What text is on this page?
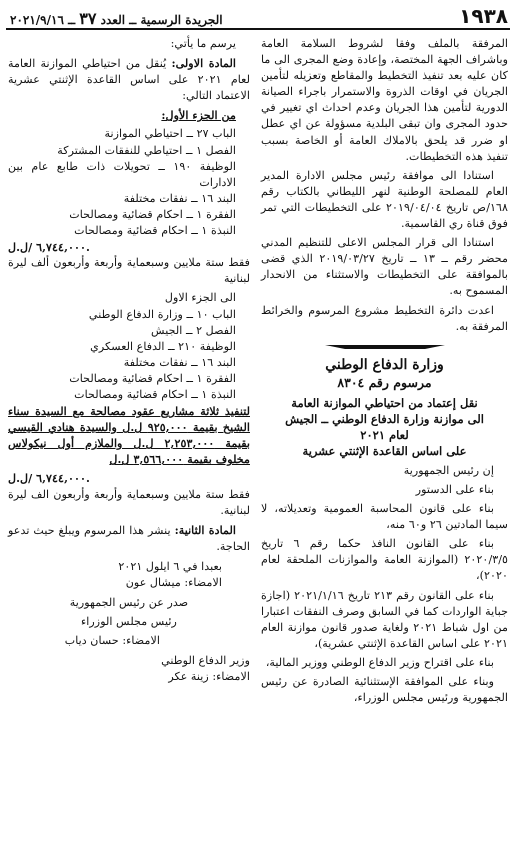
١٩٣٨
الجريدة الرسمية ــ العدد ٣٧ ــ ٢٠٢١/٩/١٦

المرفقة بالملف وفقا لشروط السلامة العامة وباشراف الجهة المختصة، وإعادة وضع المجرى الى ما كان عليه بعد تنفيذ التخطيط والمقاطع وتعزيله لتأمين الجريان في اوقات الذروة والاستمرار باجراء الصيانة الدورية لتأمين هذا الجريان وعدم احداث اي تغيير في حدود المجرى وان تبقى البلدية مسؤولة عن اي عطل او ضرر قد يلحق بالاملاك العامة أو الخاصة بسبب تنفيذ هذه التخطيطات.

استنادا الى موافقة رئيس مجلس الادارة المدير العام للمصلحة الوطنية لنهر الليطاني بالكتاب رقم ١٦٨/ص تاريخ ٢٠١٩/٠٤/٠٤ على التخطيطات التي تمر فوق قناة ري القاسمية.

استنادا الى قرار المجلس الاعلى للتنظيم المدني محضر رقم ــ ١٣ ــ تاريخ ٢٠١٩/٠٣/٢٧ الذي قضى بالموافقة على التخطيطات والاستثناء من الانحدار المسموح به.

اعدت دائرة التخطيط مشروع المرسوم والخرائط المرفقة به.

وزارة الدفاع الوطني
مرسوم رقم ٨٣٠٤
نقل إعتماد من احتياطي الموازنة العامة
الى موازنة وزارة الدفاع الوطني ــ الجيش
لعام ٢٠٢١
على اساس القاعدة الإثنتي عشرية

إن رئيس الجمهورية

بناء على الدستور

بناء على قانون المحاسبة العمومية وتعديلاته، لا سيما المادتين ٢٦ و٦٠ منه،

بناء على القانون النافذ حكما رقم ٦ تاريخ ٢٠٢٠/٣/٥ (الموازنة العامة والموازنات الملحقة لعام ٢٠٢٠)،

بناء على القانون رقم ٢١٣ تاريخ ٢٠٢١/١/١٦ (اجازة جباية الواردات كما في السابق وصرف النفقات اعتبارا من اول شباط ٢٠٢١ ولغاية صدور قانون موازنة العام ٢٠٢١ على اساس القاعدة الإثنتي عشرية)،

بناء على اقتراح وزير الدفاع الوطني ووزير المالية،

وبناء على الموافقة الإستثنائية الصادرة عن رئيس الجمهورية ورئيس مجلس الوزراء،

يرسم ما يأتي:

المادة الاولى: يُنقل من احتياطي الموازنة العامة لعام ٢٠٢١ على اساس القاعدة الإثنتي عشرية الاعتماد التالي:

من الجزء الأول:

الباب ٢٧ ــ احتياطي الموازنة

الفصل ١ ــ احتياطي للنفقات المشتركة

الوظيفة ١٩٠ ــ تحويلات ذات طابع عام بين الادارات

البند ١٦ ــ نفقات مختلفة

الفقرة ١ ــ احكام قضائية ومصالحات

النبذة ١ ــ احكام قضائية ومصالحات

٦,٧٤٤,٠٠٠ /ل.ل.

فقط ستة ملايين وسبعماية وأربعة وأربعون ألف ليرة لبنانية

الى الجزء الاول

الباب ١٠ ــ وزارة الدفاع الوطني

الفصل ٢ ــ الجيش

الوظيفة ٢١٠ ــ الدفاع العسكري

البند ١٦ ــ نفقات مختلفة

الفقرة ١ ــ احكام قضائية ومصالحات

النبذة ١ ــ احكام قضائية ومصالحات

لتنفيذ ثلاثة مشاريع عقود مصالحة مع السيدة سناء الشيخ بقيمة ٩٢٥,٠٠٠ ل.ل والسيدة هنادي القيسي بقيمة ٢,٢٥٣,٠٠٠ ل.ل والملازم أول نيكولاس مخلوف بقيمة ٣,٥٦٦,٠٠٠ ل.ل

٦,٧٤٤,٠٠٠ /ل.ل.

فقط ستة ملايين وسبعماية وأربعة وأربعون الف ليرة لبنانية.

المادة الثانية: ينشر هذا المرسوم ويبلغ حيث تدعو الحاجة.

بعبدا في ٦ ايلول ٢٠٢١

الامضاء: ميشال عون

صدر عن رئيس الجمهورية

رئيس مجلس الوزراء

الامضاء: حسان دياب

وزير الدفاع الوطني

الامضاء: زينة عكر
